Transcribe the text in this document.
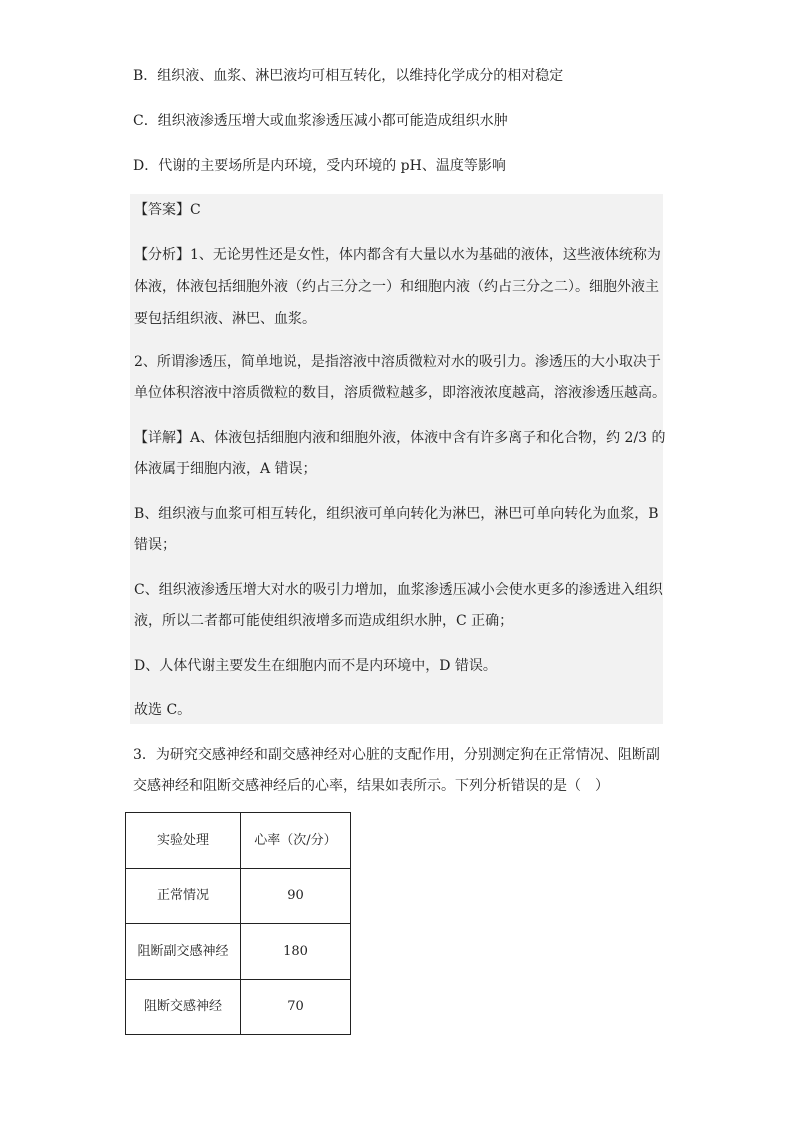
B．组织液、血浆、淋巴液均可相互转化，以维持化学成分的相对稳定
C．组织液渗透压增大或血浆渗透压减小都可能造成组织水肿
D．代谢的主要场所是内环境，受内环境的 pH、温度等影响
【答案】C
【分析】1、无论男性还是女性，体内都含有大量以水为基础的液体，这些液体统称为
体液，体液包括细胞外液（约占三分之一）和细胞内液（约占三分之二）。细胞外液主
要包括组织液、淋巴、血浆。
2、所谓渗透压，简单地说，是指溶液中溶质微粒对水的吸引力。渗透压的大小取决于
单位体积溶液中溶质微粒的数目，溶质微粒越多，即溶液浓度越高，溶液渗透压越高。
【详解】A、体液包括细胞内液和细胞外液，体液中含有许多离子和化合物，约 2/3 的
体液属于细胞内液，A 错误；
B、组织液与血浆可相互转化，组织液可单向转化为淋巴，淋巴可单向转化为血浆，B
错误；
C、组织液渗透压增大对水的吸引力增加，血浆渗透压减小会使水更多的渗透进入组织
液，所以二者都可能使组织液增多而造成组织水肿，C 正确；
D、人体代谢主要发生在细胞内而不是内环境中，D 错误。
故选 C。
3．为研究交感神经和副交感神经对心脏的支配作用，分别测定狗在正常情况、阻断副
交感神经和阻断交感神经后的心率，结果如表所示。下列分析错误的是（　）
实验处理	心率（次/分）
正常情况	90
阻断副交感神经	180
阻断交感神经	70
